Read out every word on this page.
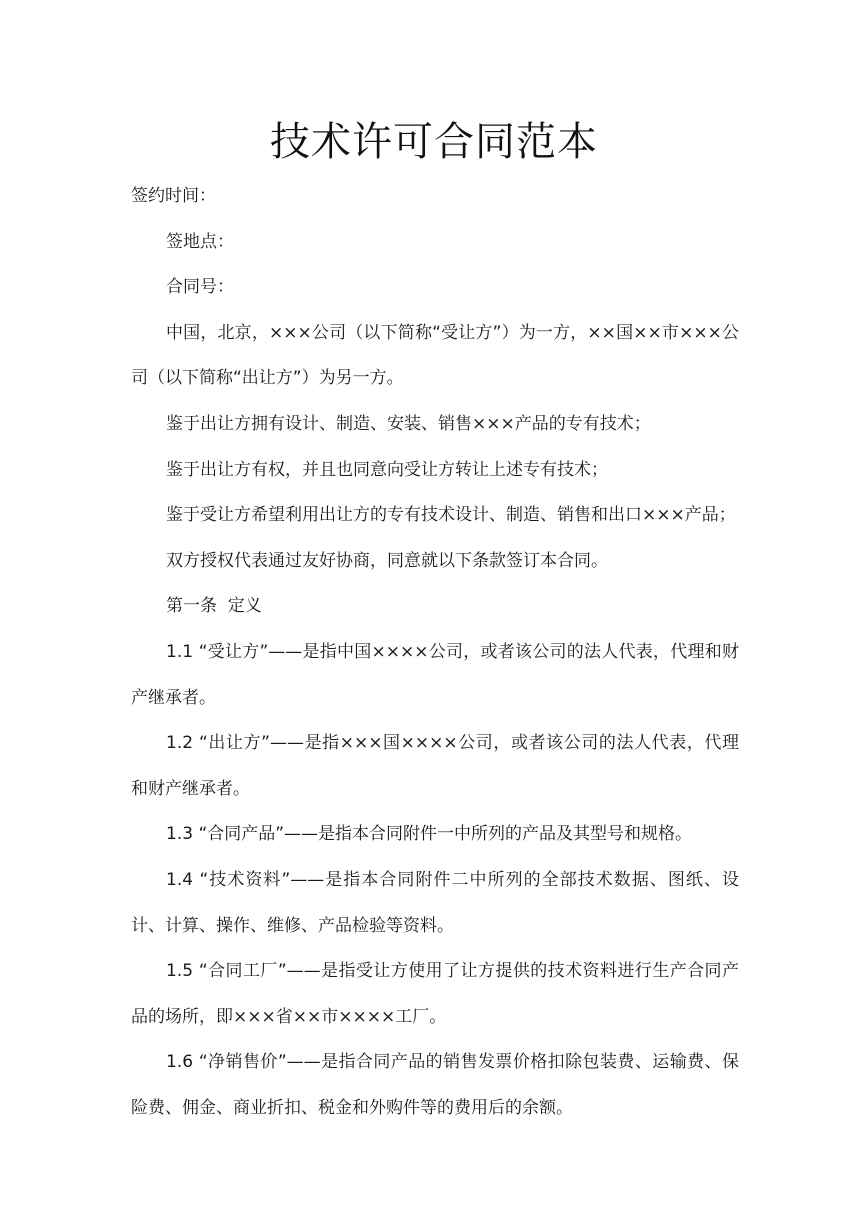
技术许可合同范本

签约时间：

签地点：

合同号：

中国，北京，×××公司（以下简称“受让方”）为一方，××国××市×××公司（以下简称“出让方”）为另一方。

鉴于出让方拥有设计、制造、安装、销售×××产品的专有技术；

鉴于出让方有权，并且也同意向受让方转让上述专有技术；

鉴于受让方希望利用出让方的专有技术设计、制造、销售和出口×××产品；

双方授权代表通过友好协商，同意就以下条款签订本合同。

第一条  定义

1.1 “受让方”——是指中国××××公司，或者该公司的法人代表，代理和财产继承者。

1.2 “出让方”——是指×××国××××公司，或者该公司的法人代表，代理和财产继承者。

1.3 “合同产品”——是指本合同附件一中所列的产品及其型号和规格。

1.4 “技术资料”——是指本合同附件二中所列的全部技术数据、图纸、设计、计算、操作、维修、产品检验等资料。

1.5 “合同工厂”——是指受让方使用了让方提供的技术资料进行生产合同产品的场所，即×××省××市××××工厂。

1.6 “净销售价”——是指合同产品的销售发票价格扣除包装费、运输费、保险费、佣金、商业折扣、税金和外购件等的费用后的余额。
